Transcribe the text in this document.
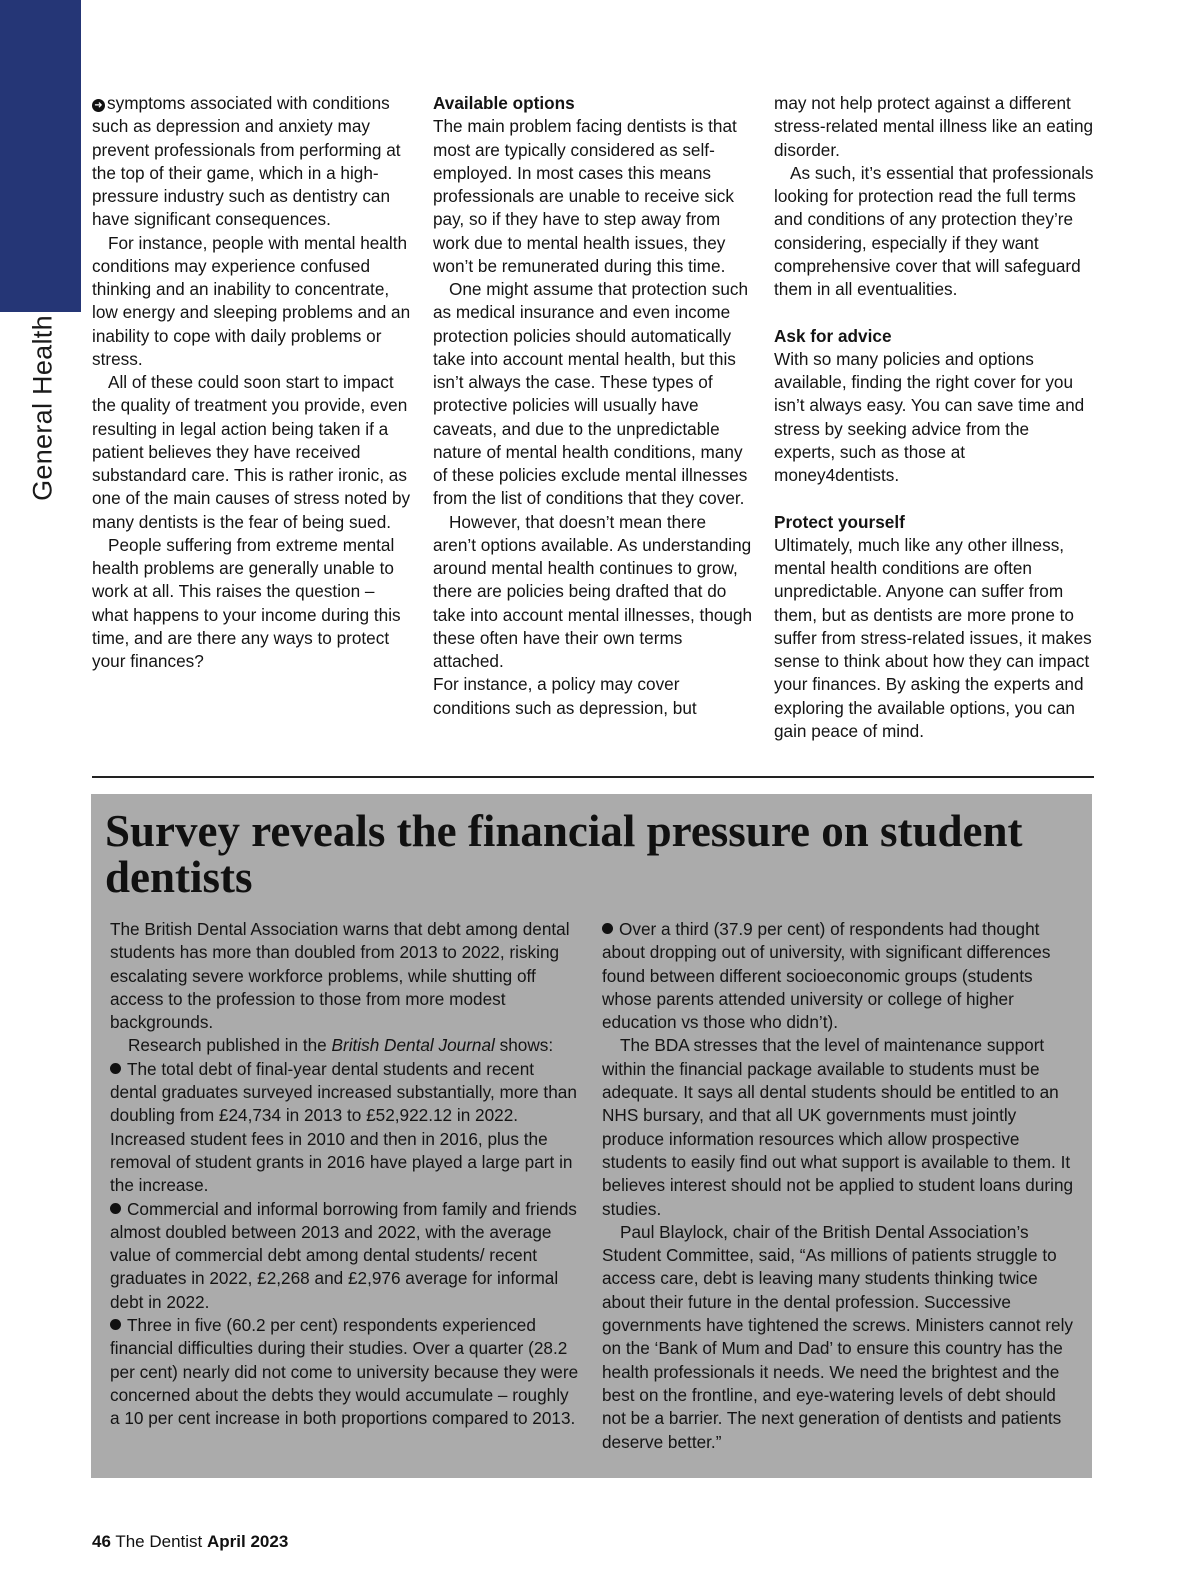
General Health

➜ symptoms associated with conditions such as depression and anxiety may prevent professionals from performing at the top of their game, which in a high-pressure industry such as dentistry can have significant consequences.

For instance, people with mental health conditions may experience confused thinking and an inability to concentrate, low energy and sleeping problems and an inability to cope with daily problems or stress.

All of these could soon start to impact the quality of treatment you provide, even resulting in legal action being taken if a patient believes they have received substandard care. This is rather ironic, as one of the main causes of stress noted by many dentists is the fear of being sued.

People suffering from extreme mental health problems are generally unable to work at all. This raises the question – what happens to your income during this time, and are there any ways to protect your finances?

Available options

The main problem facing dentists is that most are typically considered as self-employed. In most cases this means professionals are unable to receive sick pay, so if they have to step away from work due to mental health issues, they won’t be remunerated during this time.

One might assume that protection such as medical insurance and even income protection policies should automatically take into account mental health, but this isn’t always the case. These types of protective policies will usually have caveats, and due to the unpredictable nature of mental health conditions, many of these policies exclude mental illnesses from the list of conditions that they cover.

However, that doesn’t mean there aren’t options available. As understanding around mental health continues to grow, there are policies being drafted that do take into account mental illnesses, though these often have their own terms attached.

For instance, a policy may cover conditions such as depression, but

may not help protect against a different stress-related mental illness like an eating disorder.

As such, it’s essential that professionals looking for protection read the full terms and conditions of any protection they’re considering, especially if they want comprehensive cover that will safeguard them in all eventualities.

Ask for advice

With so many policies and options available, finding the right cover for you isn’t always easy. You can save time and stress by seeking advice from the experts, such as those at money4dentists.

Protect yourself

Ultimately, much like any other illness, mental health conditions are often unpredictable. Anyone can suffer from them, but as dentists are more prone to suffer from stress-related issues, it makes sense to think about how they can impact your finances. By asking the experts and exploring the available options, you can gain peace of mind.

Survey reveals the financial pressure on student dentists

The British Dental Association warns that debt among dental students has more than doubled from 2013 to 2022, risking escalating severe workforce problems, while shutting off access to the profession to those from more modest backgrounds.

Research published in the British Dental Journal shows:

The total debt of final-year dental students and recent dental graduates surveyed increased substantially, more than doubling from £24,734 in 2013 to £52,922.12 in 2022. Increased student fees in 2010 and then in 2016, plus the removal of student grants in 2016 have played a large part in the increase.

Commercial and informal borrowing from family and friends almost doubled between 2013 and 2022, with the average value of commercial debt among dental students/ recent graduates in 2022, £2,268 and £2,976 average for informal debt in 2022.

Three in five (60.2 per cent) respondents experienced financial difficulties during their studies. Over a quarter (28.2 per cent) nearly did not come to university because they were concerned about the debts they would accumulate – roughly a 10 per cent increase in both proportions compared to 2013.

Over a third (37.9 per cent) of respondents had thought about dropping out of university, with significant differences found between different socioeconomic groups (students whose parents attended university or college of higher education vs those who didn’t).

The BDA stresses that the level of maintenance support within the financial package available to students must be adequate. It says all dental students should be entitled to an NHS bursary, and that all UK governments must jointly produce information resources which allow prospective students to easily find out what support is available to them. It believes interest should not be applied to student loans during studies.

Paul Blaylock, chair of the British Dental Association’s Student Committee, said, “As millions of patients struggle to access care, debt is leaving many students thinking twice about their future in the dental profession. Successive governments have tightened the screws. Ministers cannot rely on the ‘Bank of Mum and Dad’ to ensure this country has the health professionals it needs. We need the brightest and the best on the frontline, and eye-watering levels of debt should not be a barrier. The next generation of dentists and patients deserve better.”

46 The Dentist April 2023
